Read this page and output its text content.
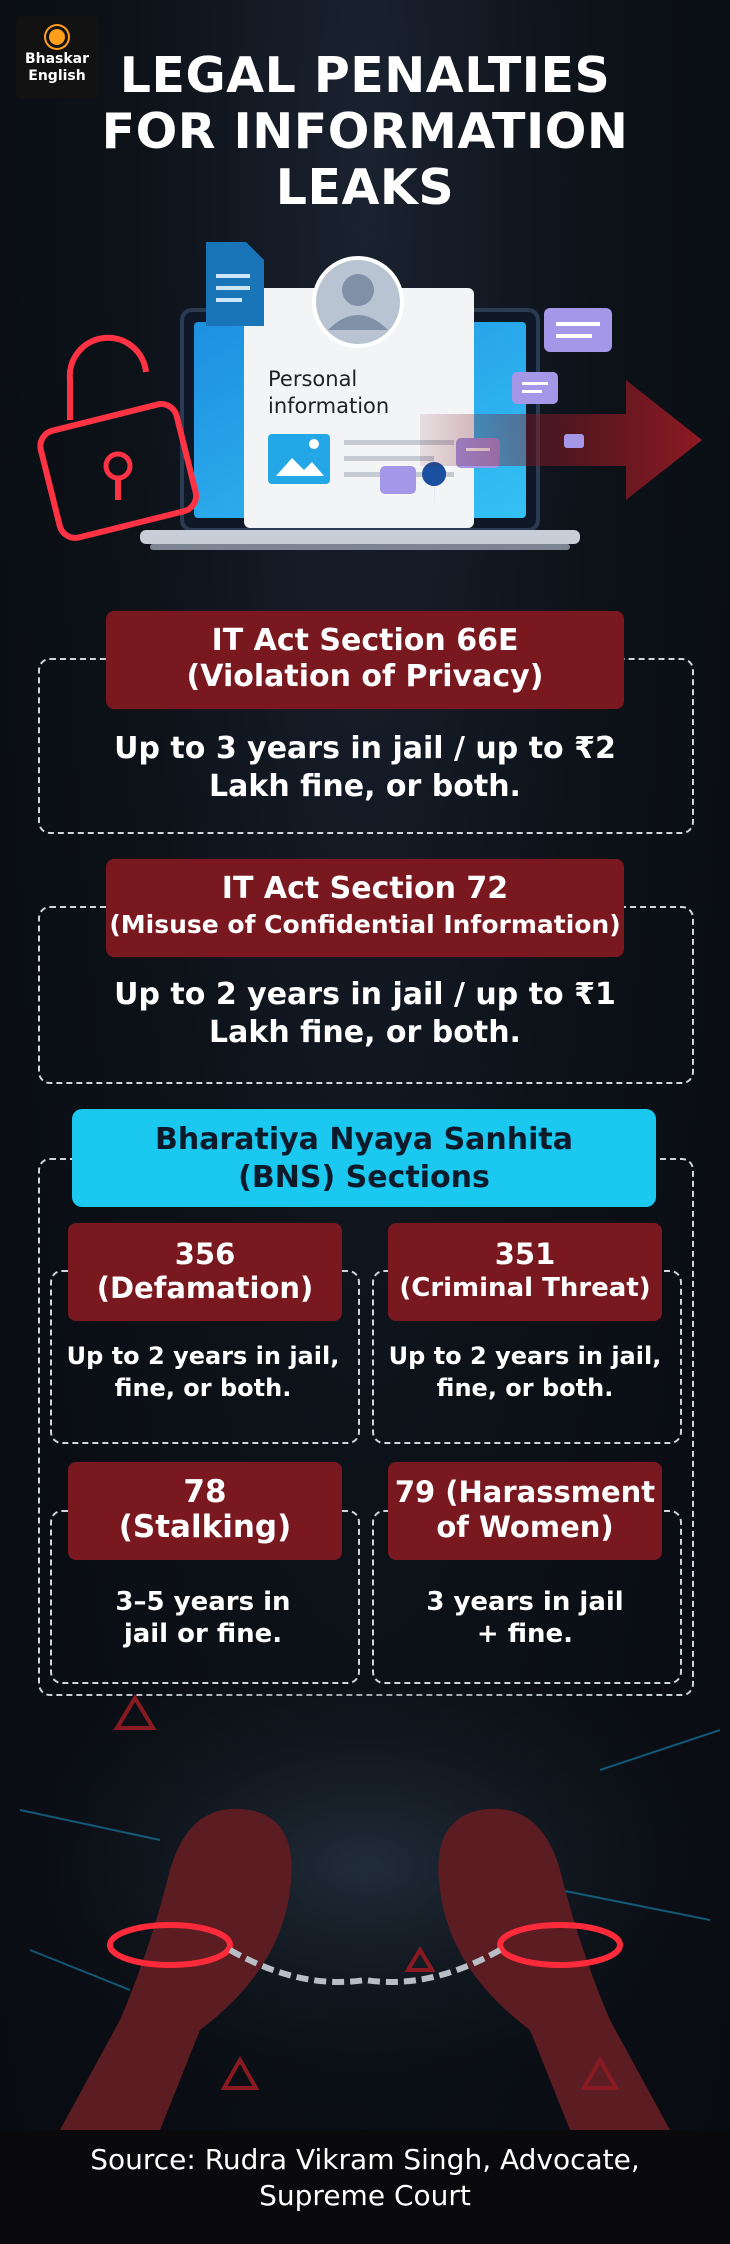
Bhaskar
English LEGAL PENALTIES
FOR INFORMATION
LEAKS
Personal
information
IT Act Section 66E
(Violation of Privacy)
Up to 3 years in jail / up to ₹2
Lakh fine, or both.
IT Act Section 72
(Misuse of Confidential Information)
Up to 2 years in jail / up to ₹1
Lakh fine, or both.
Bharatiya Nyaya Sanhita
(BNS) Sections
356
(Defamation)
Up to 2 years in jail,
fine, or both.
351
(Criminal Threat)
Up to 2 years in jail,
fine, or both.
78
(Stalking)
3–5 years in
jail or fine.
79 (Harassment
of Women)
3 years in jail
+ fine.
Source: Rudra Vikram Singh, Advocate,
Supreme Court
